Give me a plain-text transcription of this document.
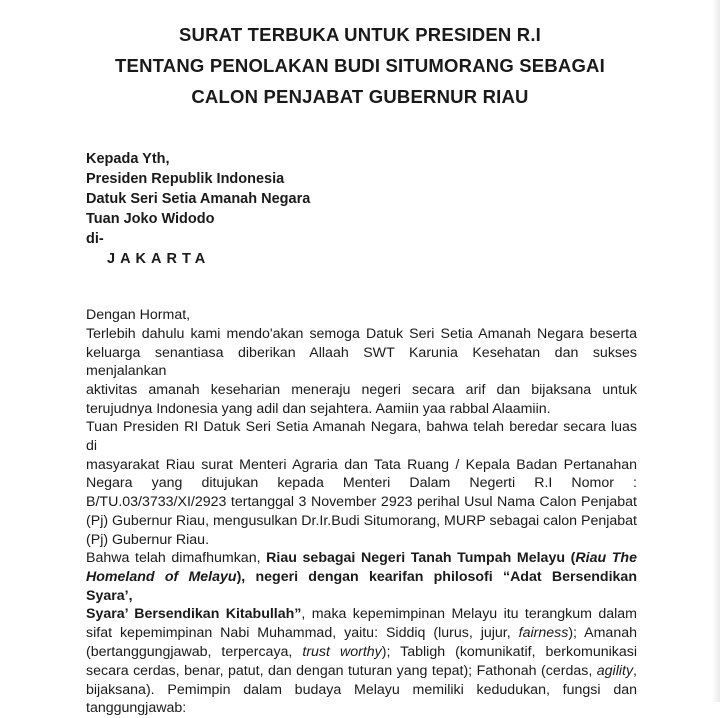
SURAT TERBUKA UNTUK PRESIDEN R.I
TENTANG PENOLAKAN BUDI SITUMORANG SEBAGAI
CALON PENJABAT GUBERNUR RIAU
Kepada Yth,
Presiden Republik Indonesia
Datuk Seri Setia Amanah Negara
Tuan Joko Widodo
di-
JAKARTA
Dengan Hormat,
Terlebih dahulu kami mendo'akan semoga Datuk Seri Setia Amanah Negara beserta
keluarga senantiasa diberikan Allaah SWT Karunia Kesehatan dan sukses menjalankan
aktivitas amanah keseharian meneraju negeri secara arif dan bijaksana untuk
terujudnya Indonesia yang adil dan sejahtera. Aamiin yaa rabbal Alaamiin.
Tuan Presiden RI Datuk Seri Setia Amanah Negara, bahwa telah beredar secara luas di
masyarakat Riau surat Menteri Agraria dan Tata Ruang / Kepala Badan Pertanahan
Negara yang ditujukan kepada Menteri Dalam Negerti R.I Nomor :
B/TU.03/3733/XI/2923 tertanggal 3 November 2923 perihal Usul Nama Calon Penjabat
(Pj) Gubernur Riau, mengusulkan Dr.Ir.Budi Situmorang, MURP sebagai calon Penjabat
(Pj) Gubernur Riau.
Bahwa telah dimafhumkan, Riau sebagai Negeri Tanah Tumpah Melayu (Riau The
Homeland of Melayu), negeri dengan kearifan philosofi “Adat Bersendikan Syara’,
Syara’ Bersendikan Kitabullah”, maka kepemimpinan Melayu itu terangkum dalam
sifat kepemimpinan Nabi Muhammad, yaitu: Siddiq (lurus, jujur, fairness); Amanah
(bertanggungjawab, terpercaya, trust worthy); Tabligh (komunikatif, berkomunikasi
secara cerdas, benar, patut, dan dengan tuturan yang tepat); Fathonah (cerdas, agility,
bijaksana). Pemimpin dalam budaya Melayu memiliki kedudukan, fungsi dan
tanggungjawab:
